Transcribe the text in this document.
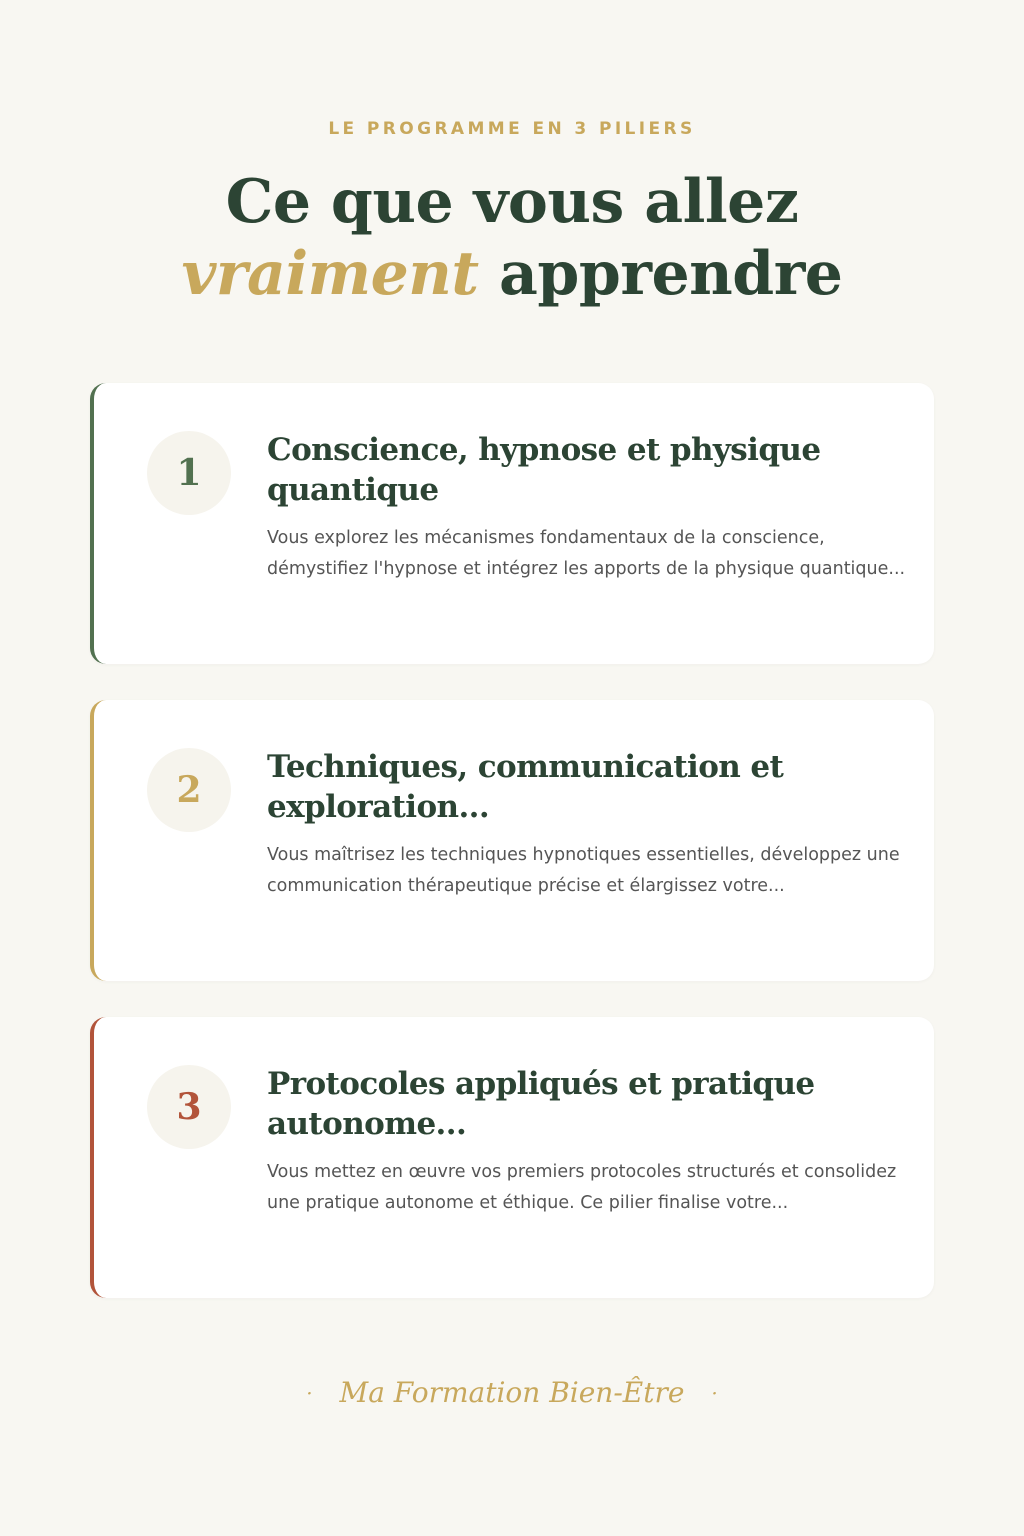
LE PROGRAMME EN 3 PILIERS
Ce que vous allez
vraiment apprendre
1
Conscience, hypnose et physique quantique

Vous explorez les mécanismes fondamentaux de la conscience, démystifiez l'hypnose et intégrez les apports de la physique quantique...

2
Techniques, communication et exploration...

Vous maîtrisez les techniques hypnotiques essentielles, développez une communication thérapeutique précise et élargissez votre...

3
Protocoles appliqués et pratique autonome...

Vous mettez en œuvre vos premiers protocoles structurés et consolidez une pratique autonome et éthique. Ce pilier finalise votre...

· Ma Formation Bien-Être ·
